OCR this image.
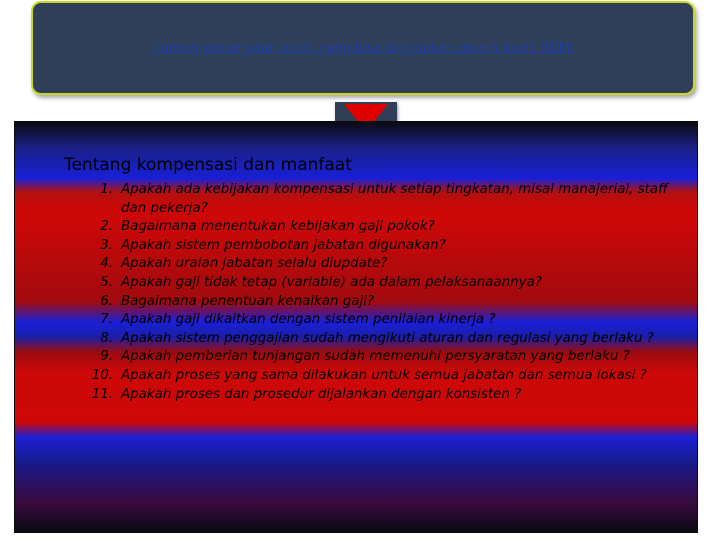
Contoh pertanyaan audit yang bisa digunakan dalam Audit SDM:
Tentang kompensasi dan manfaat
1. Apakah ada kebijakan kompensasi untuk setiap tingkatan, misal manajerial, staff dan pekerja?
2. Bagaimana menentukan kebijakan gaji pokok?
3. Apakah sistem pembobotan jabatan digunakan?
4. Apakah uraian jabatan selalu diupdate?
5. Apakah gaji tidak tetap (variable) ada dalam pelaksanaannya?
6. Bagaimana penentuan kenaikan gaji?
7. Apakah gaji dikaitkan dengan sistem penilaian kinerja ?
8. Apakah sistem penggajian sudah mengikuti aturan dan regulasi yang berlaku ?
9. Apakah pemberian tunjangan sudah memenuhi persyaratan yang berlaku ?
10. Apakah proses yang sama dilakukan untuk semua jabatan dan semua lokasi ?
11. Apakah proses dan prosedur dijalankan dengan konsisten ?
